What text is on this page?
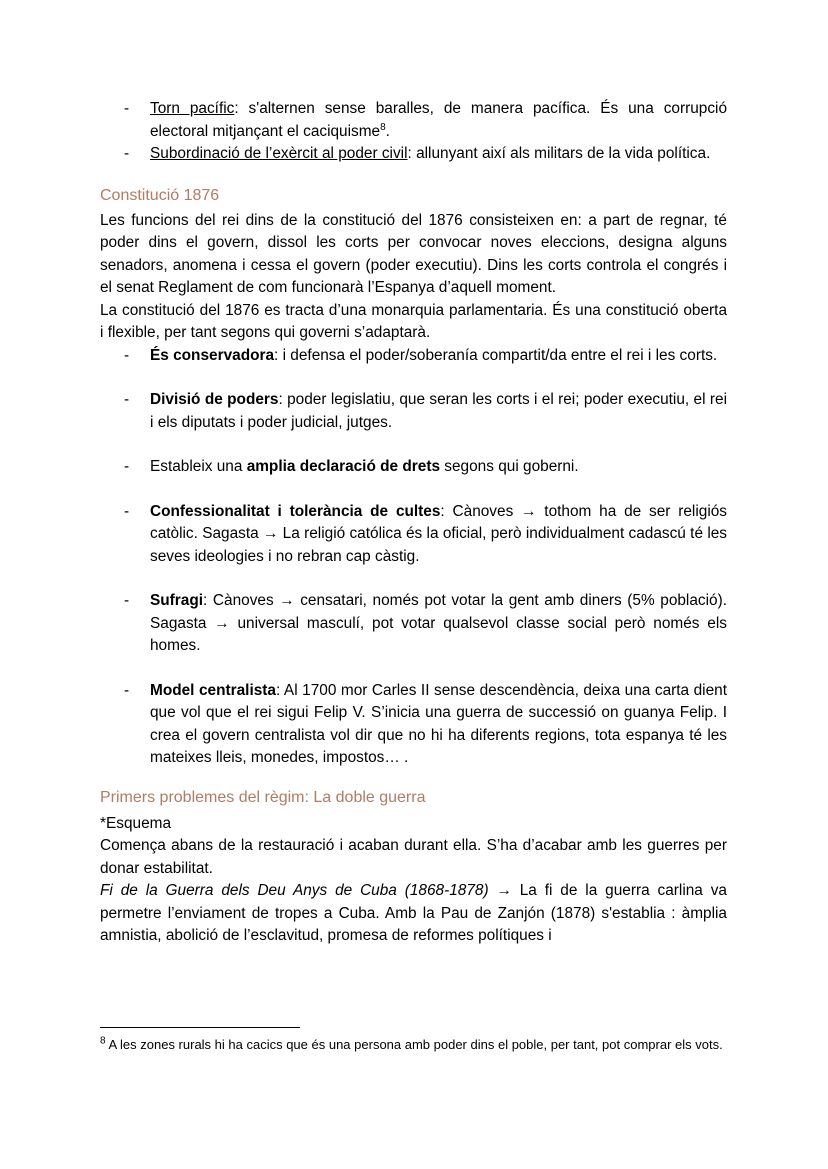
- Torn pacífic: s'alternen sense baralles, de manera pacífica. És una corrupció electoral mitjançant el caciquisme$^8$.
- Subordinació de l’exèrcit al poder civil: allunyant així als militars de la vida política.
Constitució 1876

Les funcions del rei dins de la constitució del 1876 consisteixen en: a part de regnar, té poder dins el govern, dissol les corts per convocar noves eleccions, designa alguns senadors, anomena i cessa el govern (poder executiu). Dins les corts controla el congrés i el senat Reglament de com funcionarà l’Espanya d’aquell moment.

La constitució del 1876 es tracta d’una monarquia parlamentaria. És una constitució oberta i flexible, per tant segons qui governi s’adaptarà.

- És conservadora: i defensa el poder/soberanía compartit/da entre el rei i les corts.
- Divisió de poders: poder legislatiu, que seran les corts i el rei; poder executiu, el rei i els diputats i poder judicial, jutges.
- Estableix una amplia declaració de drets segons qui goberni.
- Confessionalitat i tolerància de cultes: Cànoves → tothom ha de ser religiós catòlic. Sagasta → La religió católica és la oficial, però individualment cadascú té les seves ideologies i no rebran cap càstig.
- Sufragi: Cànoves → censatari, només pot votar la gent amb diners (5% població). Sagasta → universal masculí, pot votar qualsevol classe social però només els homes.
- Model centralista: Al 1700 mor Carles II sense descendència, deixa una carta dient que vol que el rei sigui Felip V. S’inicia una guerra de successió on guanya Felip. I crea el govern centralista vol dir que no hi ha diferents regions, tota espanya té les mateixes lleis, monedes, impostos… .
Primers problemes del règim: La doble guerra

*Esquema

Comença abans de la restauració i acaban durant ella. S’ha d’acabar amb les guerres per donar estabilitat.

Fi de la Guerra dels Deu Anys de Cuba (1868-1878) → La fi de la guerra carlina va permetre l’enviament de tropes a Cuba. Amb la Pau de Zanjón (1878) s'establia : àmplia amnistia, abolició de l’esclavitud, promesa de reformes polítiques i

$^8$ A les zones rurals hi ha cacics que és una persona amb poder dins el poble, per tant, pot comprar els vots.
